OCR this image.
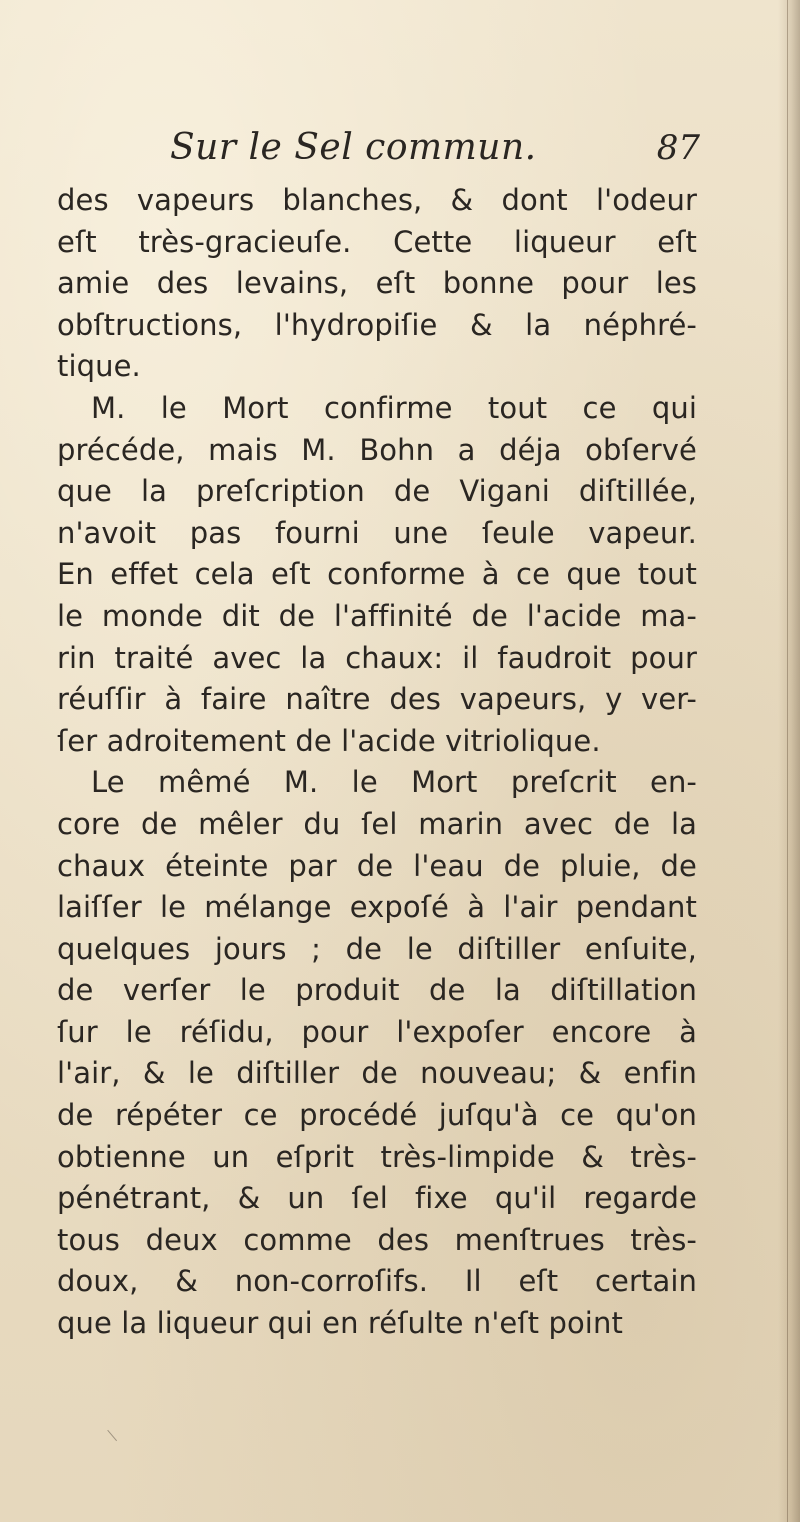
Sur le Sel commun.	87
des vapeurs blanches, & dont l'odeur
eſt très-gracieuſe. Cette liqueur eſt
amie des levains, eſt bonne pour les
obſtructions, l'hydropiſie & la néphré-
tique.
M. le Mort confirme tout ce qui
précéde, mais M. Bohn a déja obſervé
que la preſcription de Vigani diſtillée,
n'avoit pas fourni une ſeule vapeur.
En effet cela eſt conforme à ce que tout
le monde dit de l'affinité de l'acide ma-
rin traité avec la chaux: il faudroit pour
réuſſir à faire naître des vapeurs, y ver-
ſer adroitement de l'acide vitriolique.
Le mêmé M. le Mort preſcrit en-
core de mêler du ſel marin avec de la
chaux éteinte par de l'eau de pluie, de
laiſſer le mélange expoſé à l'air pendant
quelques jours ; de le diſtiller enſuite,
de verſer le produit de la diſtillation
ſur le réſidu, pour l'expoſer encore à
l'air, & le diſtiller de nouveau; & enfin
de répéter ce procédé juſqu'à ce qu'on
obtienne un eſprit très-limpide & très-
pénétrant, & un ſel fixe qu'il regarde
tous deux comme des menſtrues très-
doux, & non-corroſifs. Il eſt certain
que la liqueur qui en réſulte n'eſt point
